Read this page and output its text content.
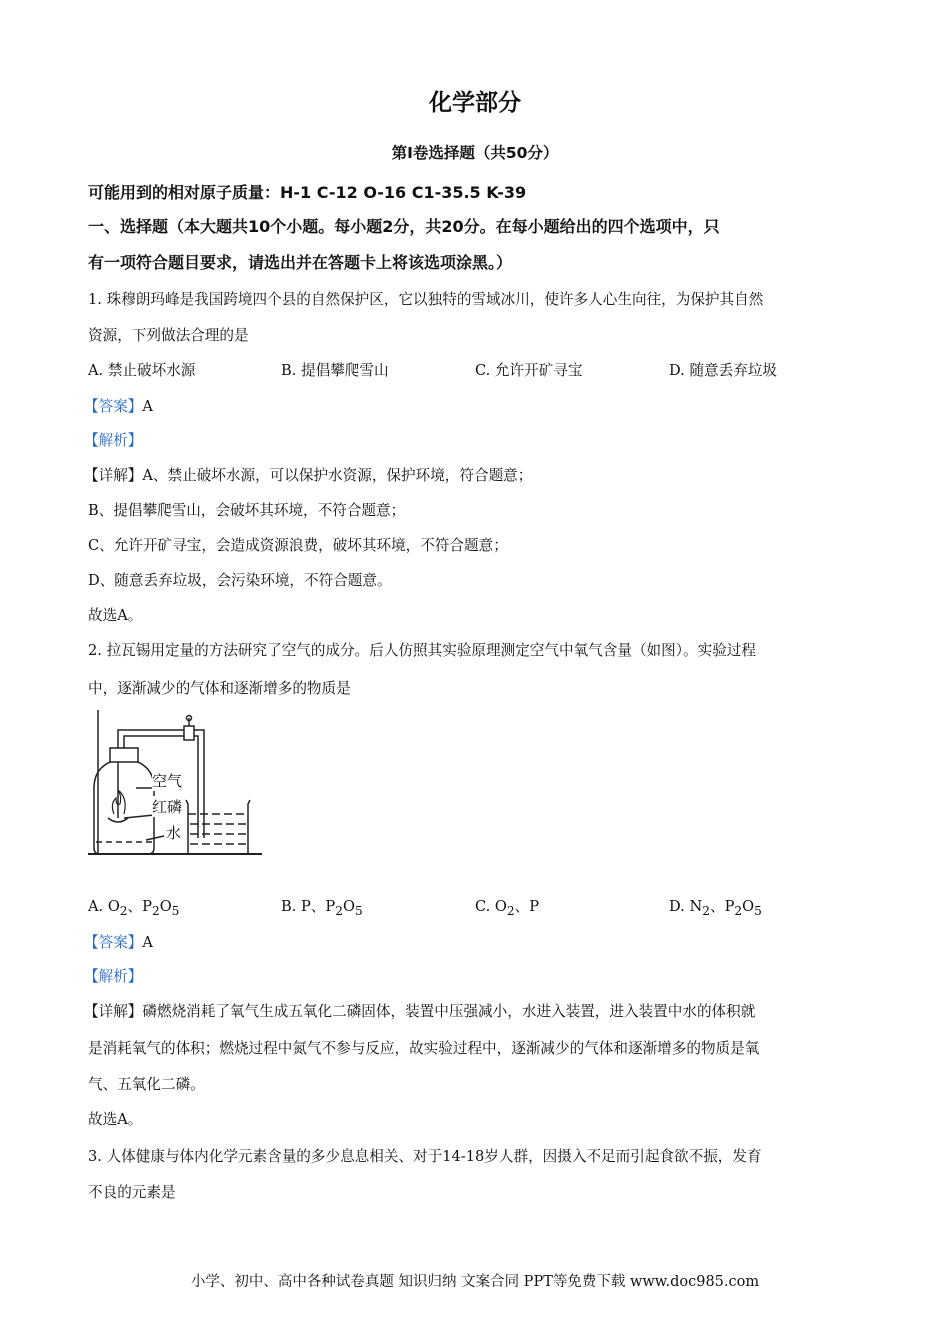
化学部分
第I卷选择题（共50分）
可能用到的相对原子质量：H-1 C-12 O-16 C1-35.5 K-39
一、选择题（本大题共10个小题。每小题2分，共20分。在每小题给出的四个选项中，只
有一项符合题目要求，请选出并在答题卡上将该选项涂黑。）
1. 珠穆朗玛峰是我国跨境四个县的自然保护区，它以独特的雪域冰川，使许多人心生向往，为保护其自然
资源，下列做法合理的是
A. 禁止破坏水源	B. 提倡攀爬雪山	C. 允许开矿寻宝	D. 随意丢弃垃圾
【答案】A
【解析】
【详解】A、禁止破坏水源，可以保护水资源，保护环境，符合题意；
B、提倡攀爬雪山，会破坏其环境，不符合题意；
C、允许开矿寻宝，会造成资源浪费，破坏其环境，不符合题意；
D、随意丢弃垃圾，会污染环境，不符合题意。
故选A。
2. 拉瓦锡用定量的方法研究了空气的成分。后人仿照其实验原理测定空气中氧气含量（如图）。实验过程
中，逐渐减少的气体和逐渐增多的物质是
空气
红磷
水
A. $O_2$、$P_2O_5$	B. P、$P_2O_5$	C. $O_2$、P	D. $N_2$、$P_2O_5$
【答案】A
【解析】
【详解】磷燃烧消耗了氧气生成五氧化二磷固体，装置中压强减小，水进入装置，进入装置中水的体积就
是消耗氧气的体积；燃烧过程中氮气不参与反应，故实验过程中，逐渐减少的气体和逐渐增多的物质是氧
气、五氧化二磷。
故选A。
3. 人体健康与体内化学元素含量的多少息息相关、对于14-18岁人群，因摄入不足而引起食欲不振，发育
不良的元素是
小学、初中、高中各种试卷真题 知识归纳 文案合同 PPT等免费下载 www.doc985.com
